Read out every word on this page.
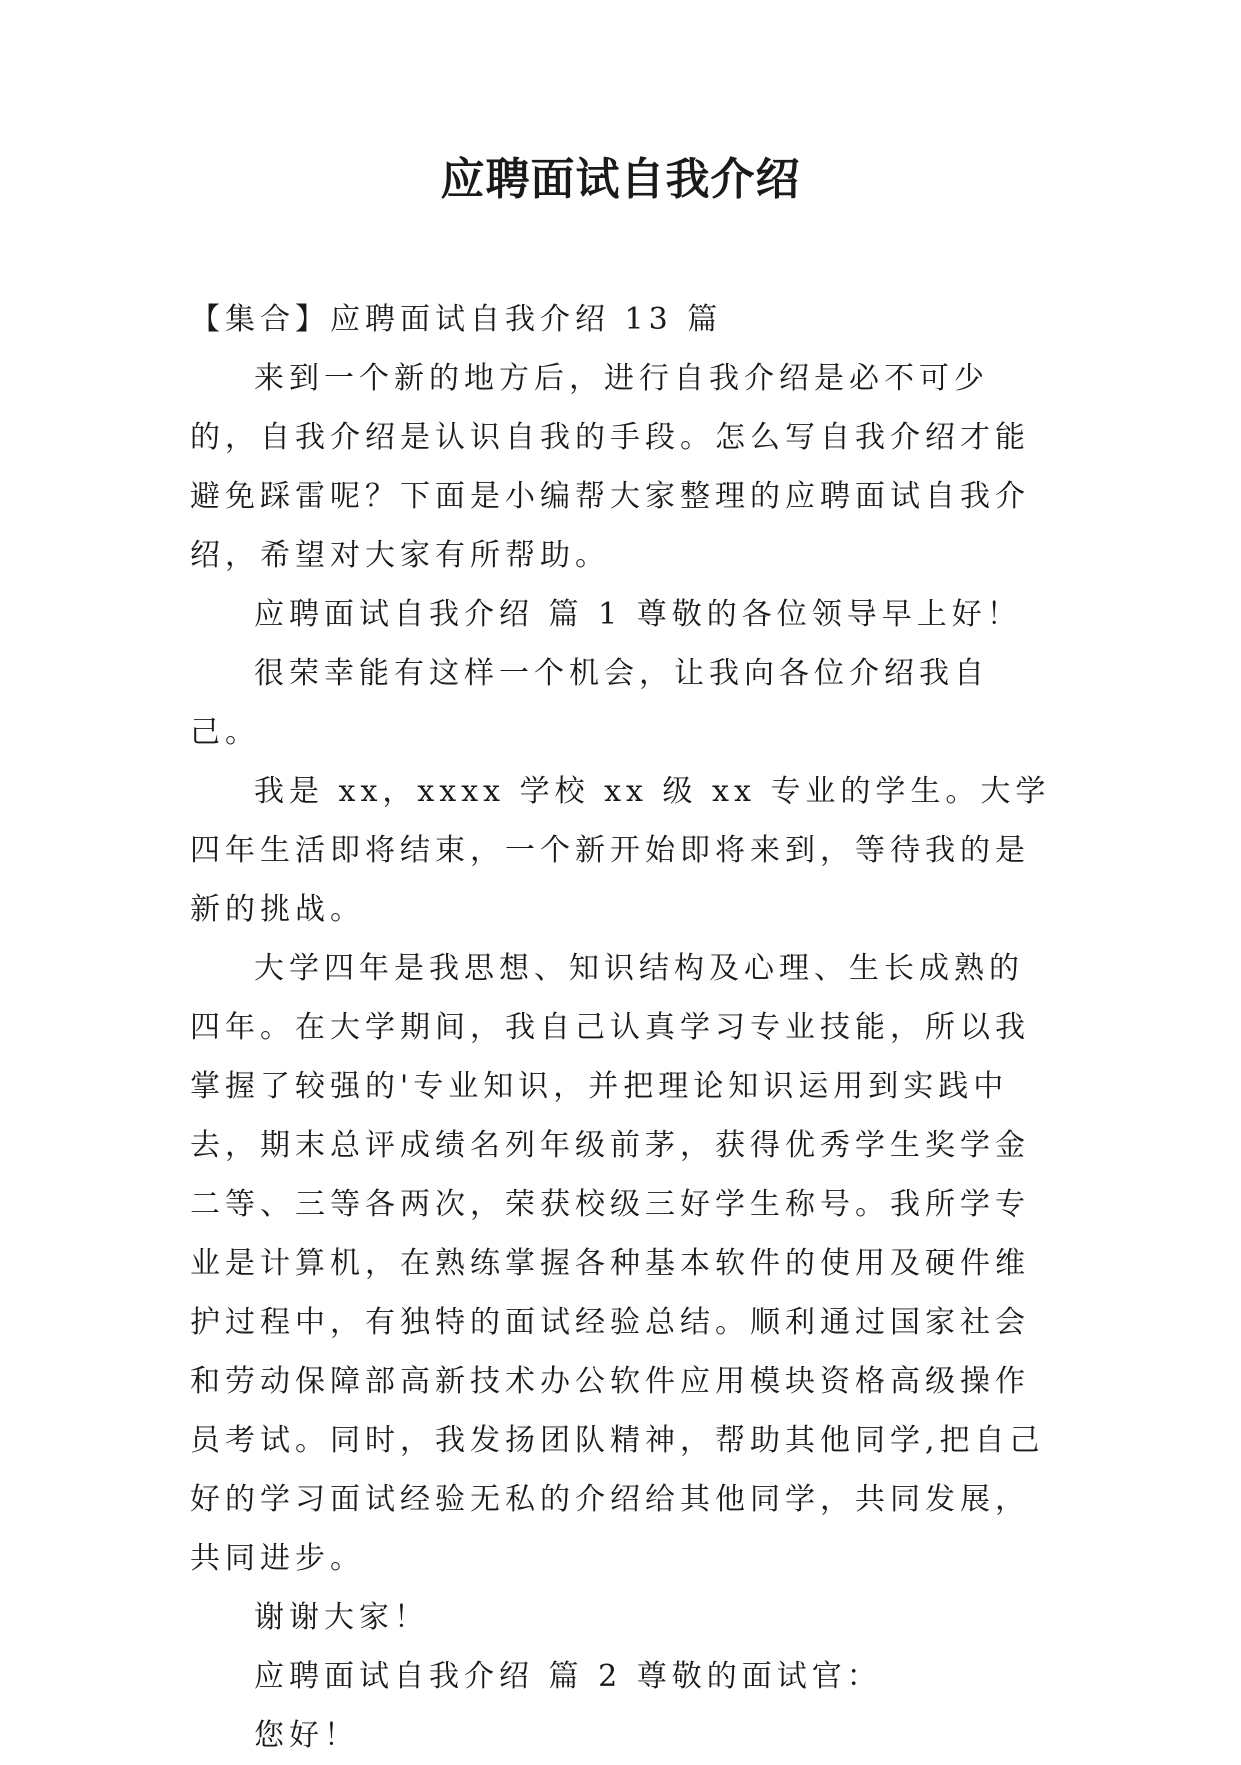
应聘面试自我介绍

【集合】应聘面试自我介绍 13 篇

来到一个新的地方后，进行自我介绍是必不可少的，自我介绍是认识自我的手段。怎么写自我介绍才能避免踩雷呢？下面是小编帮大家整理的应聘面试自我介绍，希望对大家有所帮助。

应聘面试自我介绍 篇 1 尊敬的各位领导早上好！

很荣幸能有这样一个机会，让我向各位介绍我自己。

我是 xx，xxxx 学校 xx 级 xx 专业的学生。大学四年生活即将结束，一个新开始即将来到，等待我的是新的挑战。

大学四年是我思想、知识结构及心理、生长成熟的四年。在大学期间，我自己认真学习专业技能，所以我掌握了较强的'专业知识，并把理论知识运用到实践中去，期末总评成绩名列年级前茅，获得优秀学生奖学金二等、三等各两次，荣获校级三好学生称号。我所学专业是计算机，在熟练掌握各种基本软件的使用及硬件维护过程中，有独特的面试经验总结。顺利通过国家社会和劳动保障部高新技术办公软件应用模块资格高级操作员考试。同时，我发扬团队精神，帮助其他同学,把自己好的学习面试经验无私的介绍给其他同学，共同发展，共同进步。

谢谢大家！

应聘面试自我介绍 篇 2 尊敬的面试官：

您好！
